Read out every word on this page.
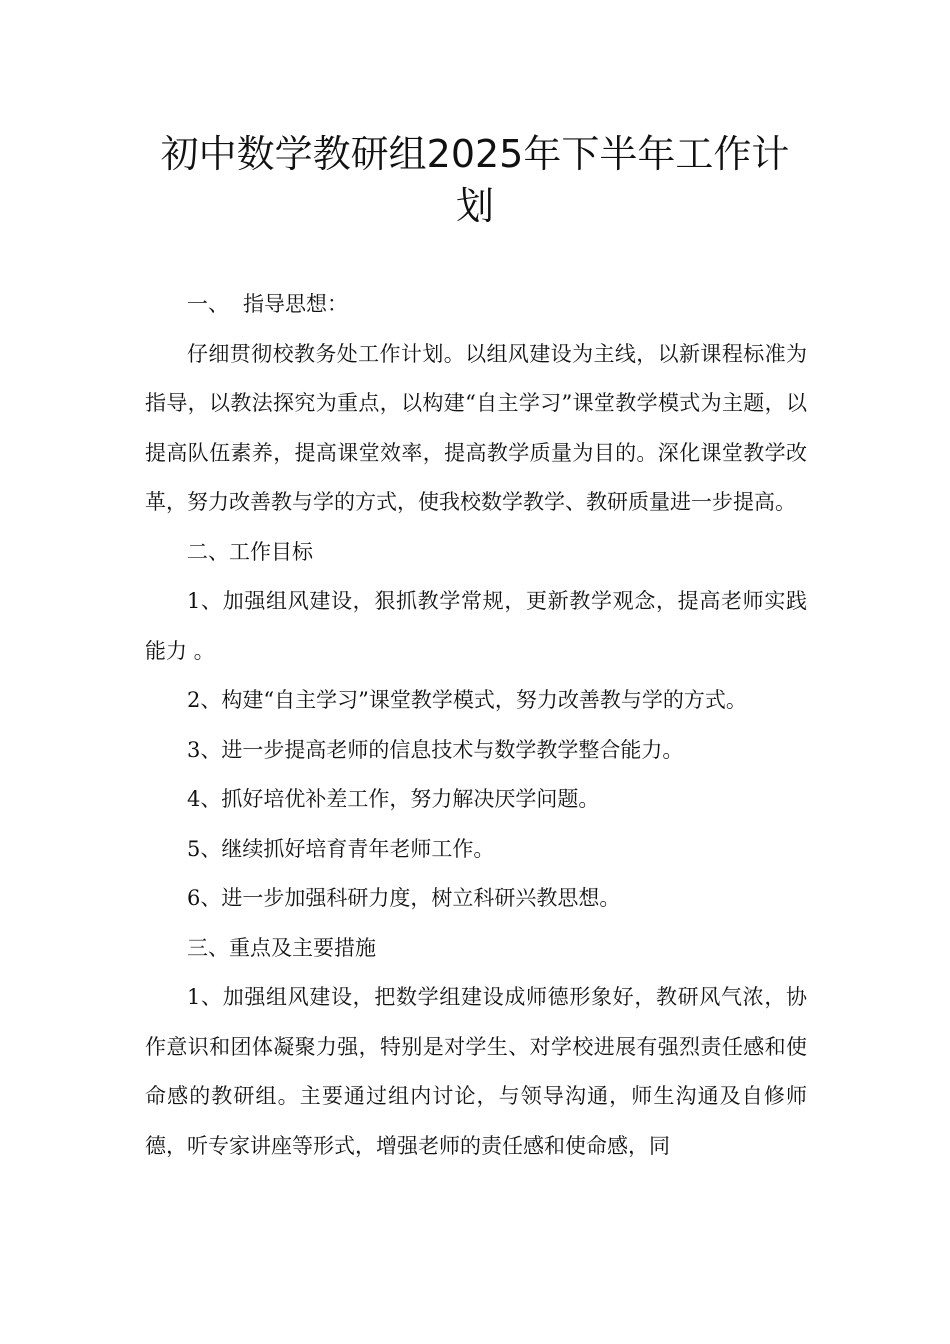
初中数学教研组2025年下半年工作计划

一、 指导思想：

仔细贯彻校教务处工作计划。以组风建设为主线，以新课程标准为指导，以教法探究为重点，以构建“自主学习”课堂教学模式为主题，以提高队伍素养，提高课堂效率，提高教学质量为目的。深化课堂教学改革，努力改善教与学的方式，使我校数学教学、教研质量进一步提高。

二、工作目标

1、加强组风建设，狠抓教学常规，更新教学观念，提高老师实践能力 。

2、构建“自主学习”课堂教学模式，努力改善教与学的方式。

3、进一步提高老师的信息技术与数学教学整合能力。

4、抓好培优补差工作，努力解决厌学问题。

5、继续抓好培育青年老师工作。

6、进一步加强科研力度，树立科研兴教思想。

三、重点及主要措施

1、加强组风建设，把数学组建设成师德形象好，教研风气浓，协作意识和团体凝聚力强，特别是对学生、对学校进展有强烈责任感和使命感的教研组。主要通过组内讨论，与领导沟通，师生沟通及自修师德，听专家讲座等形式，增强老师的责任感和使命感，同
